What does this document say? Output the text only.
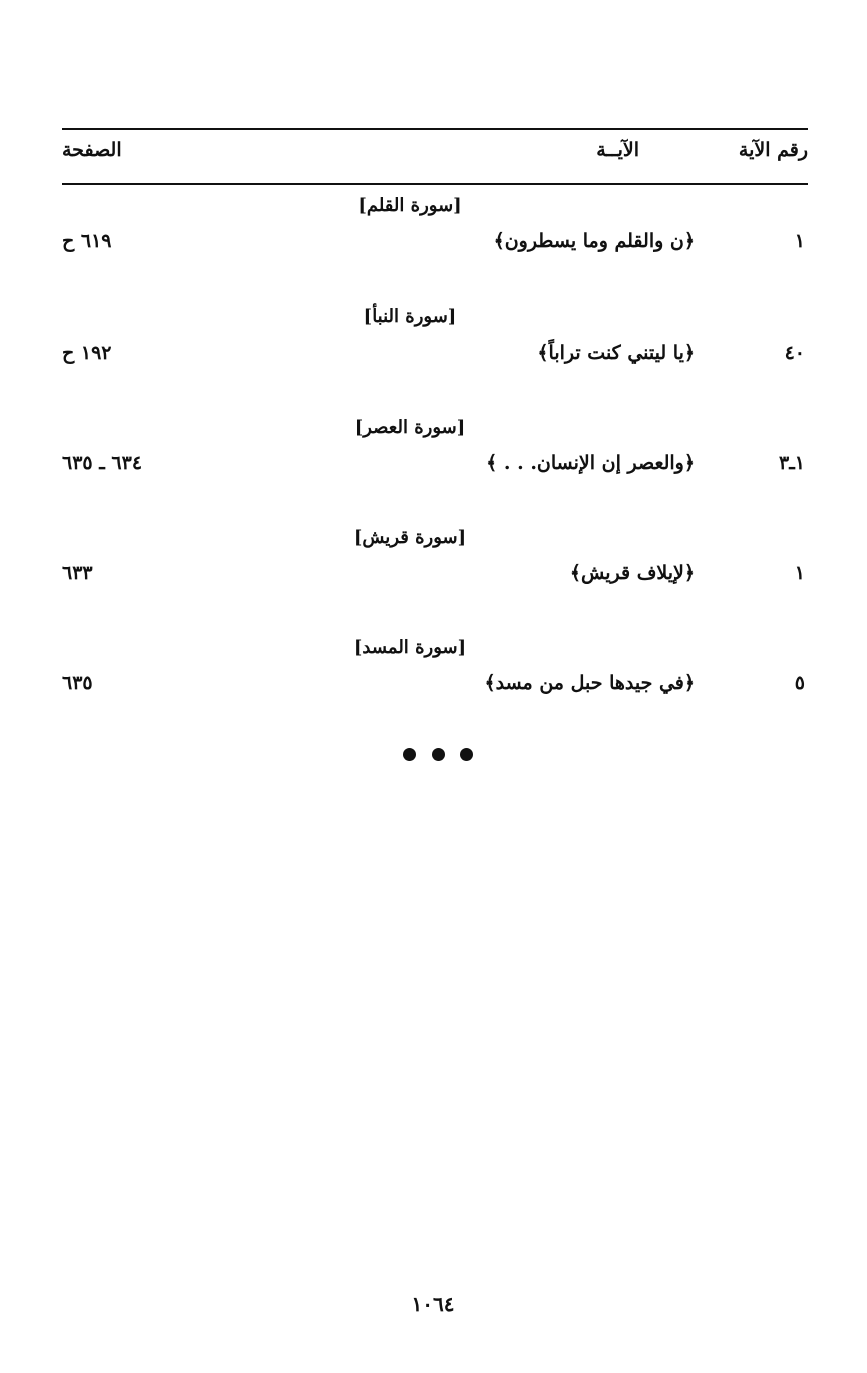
رقم الآية
الآيــة
الصفحة
[سورة القلم]
١
﴿ن والقلم وما يسطرون﴾
٦١٩ ح
[سورة النبأ]
٤٠
﴿يا ليتني كنت تراباً﴾
١٩٢ ح
[سورة العصر]
١ـ٣
﴿والعصر إن الإنسان. . . ﴾
٦٣٤ ـ ٦٣٥
[سورة قريش]
١
﴿لإيلاف قريش﴾
٦٣٣
[سورة المسد]
٥
﴿في جيدها حبل من مسد﴾
٦٣٥
١٠٦٤
